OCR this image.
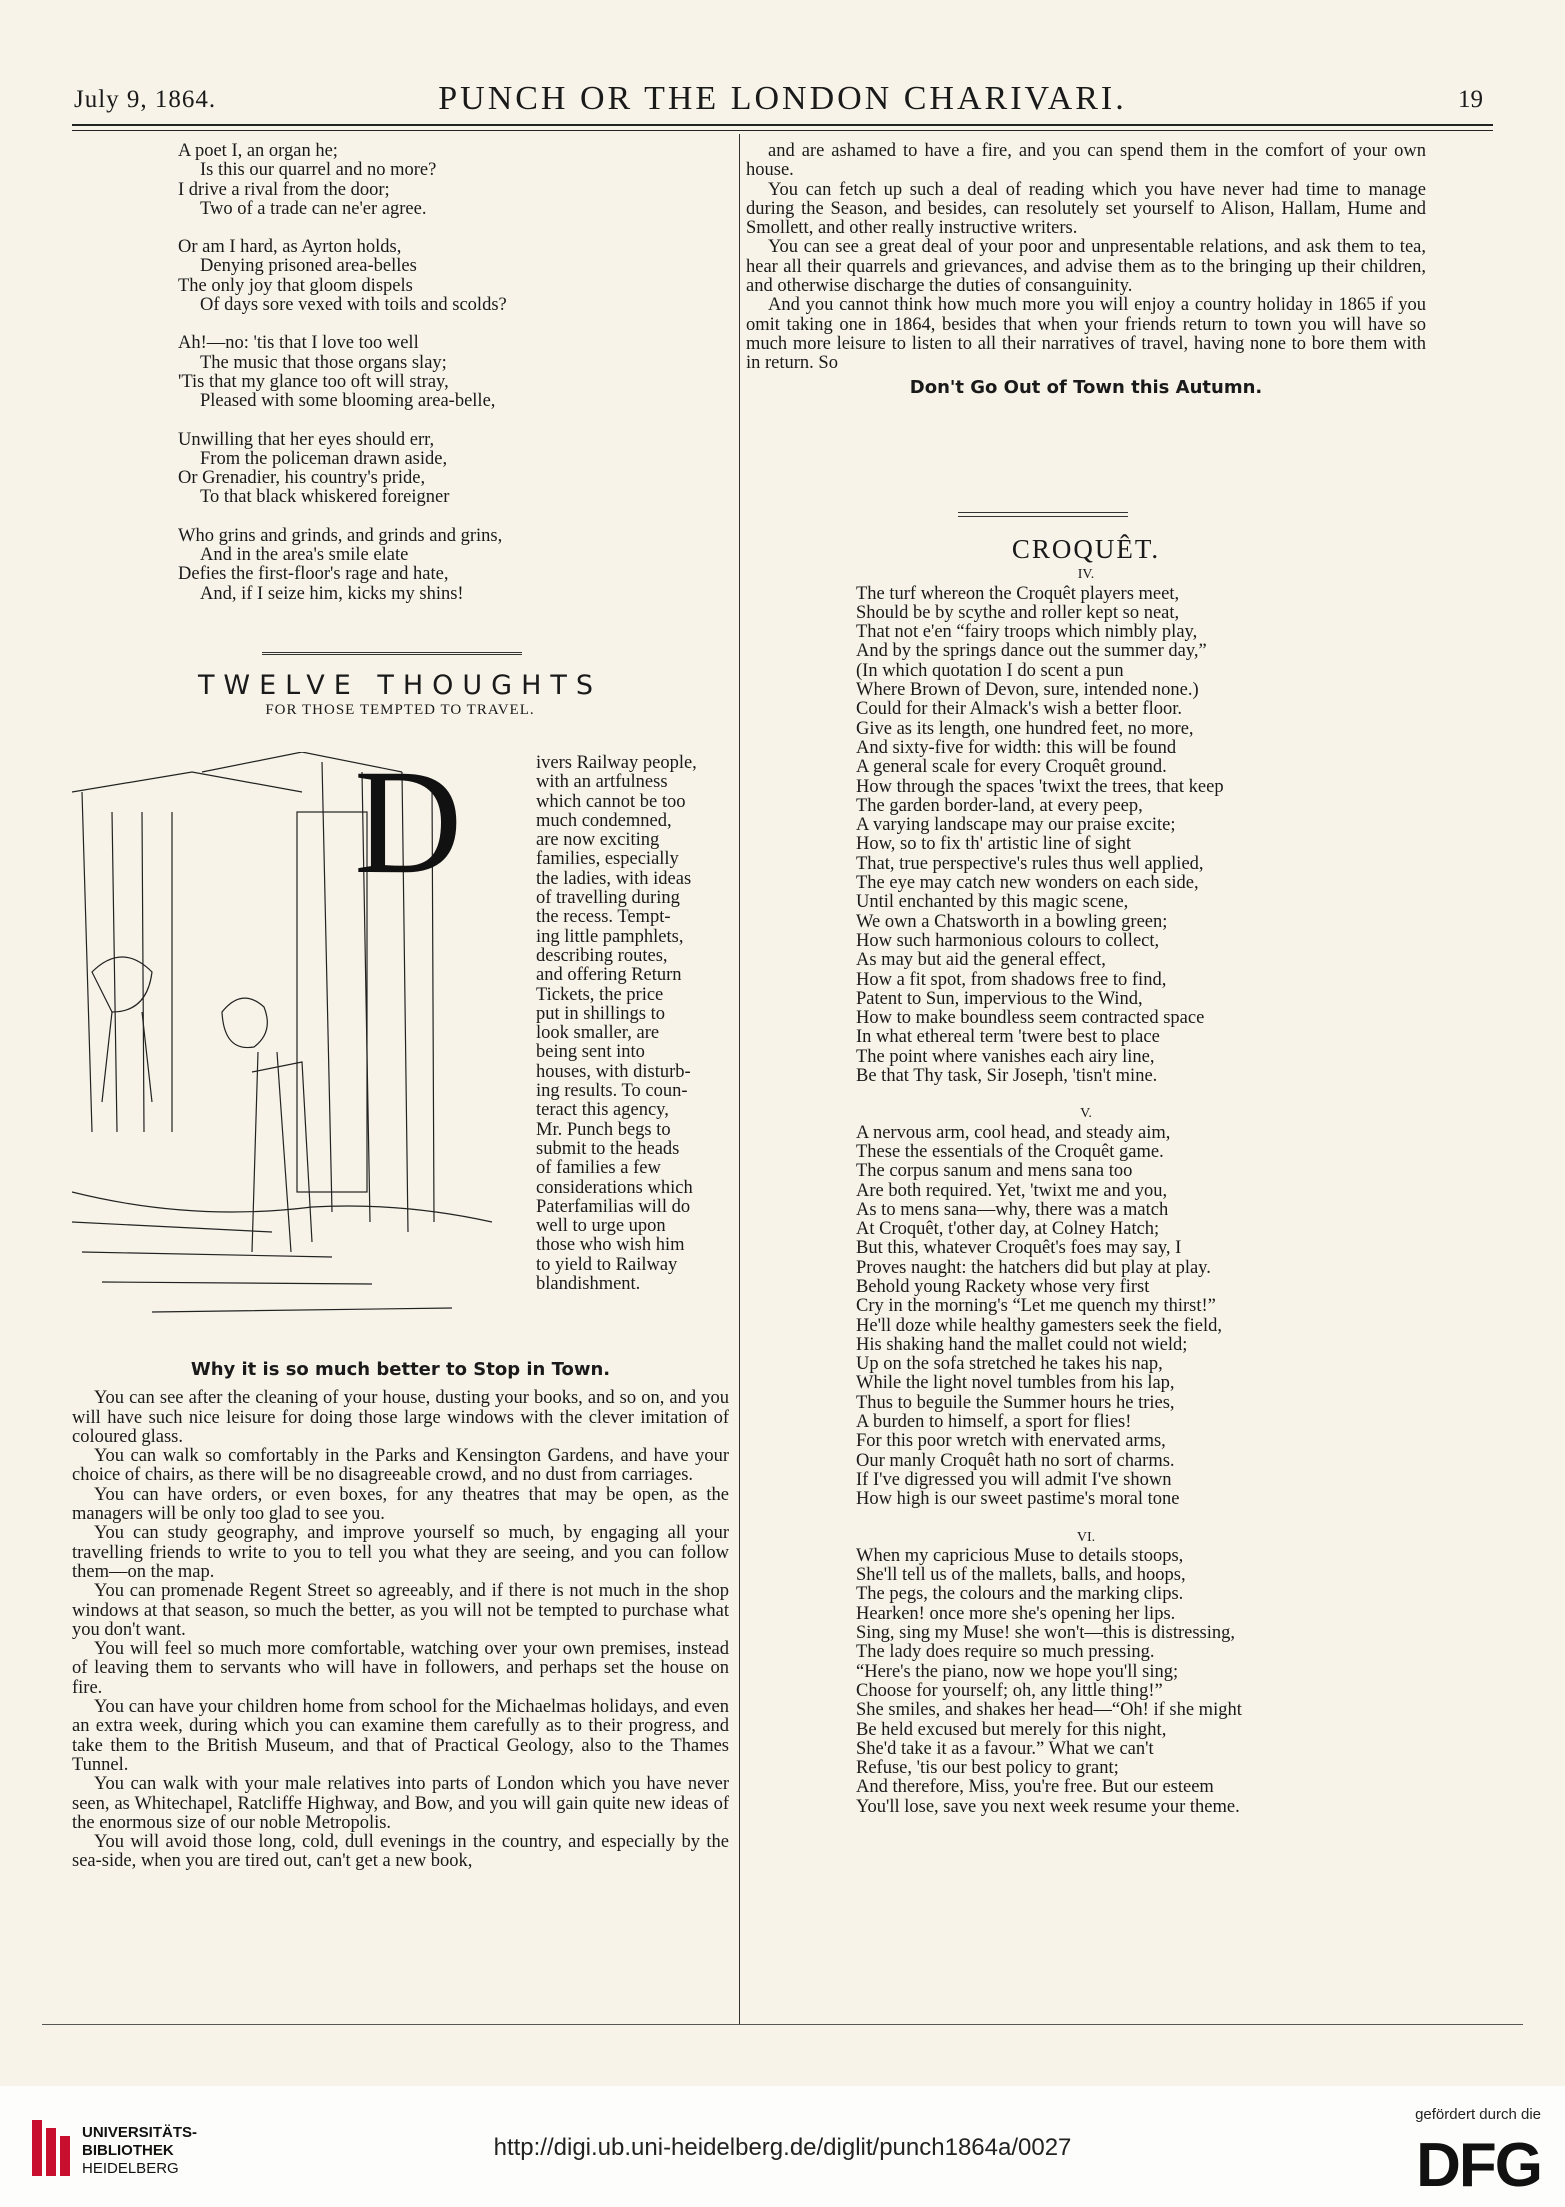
July 9, 1864.	PUNCH OR THE LONDON CHARIVARI.	19
A poet I, an organ he;
Is this our quarrel and no more?
I drive a rival from the door;
Two of a trade can ne'er agree.
Or am I hard, as Ayrton holds,
Denying prisoned area-belles
The only joy that gloom dispels
Of days sore vexed with toils and scolds?
Ah!—no: 'tis that I love too well
The music that those organs slay;
'Tis that my glance too oft will stray,
Pleased with some blooming area-belle,
Unwilling that her eyes should err,
From the policeman drawn aside,
Or Grenadier, his country's pride,
To that black whiskered foreigner
Who grins and grinds, and grinds and grins,
And in the area's smile elate
Defies the first-floor's rage and hate,
And, if I seize him, kicks my shins!
TWELVE THOUGHTS
FOR THOSE TEMPTED TO TRAVEL.
D	ivers Railway people,
with an artfulness
which cannot be too
much condemned,
are now exciting
families, especially
the ladies, with ideas
of travelling during
the recess. Tempt-
ing little pamphlets,
describing routes,
and offering Return
Tickets, the price
put in shillings to
look smaller, are
being sent into
houses, with disturb-
ing results. To coun-
teract this agency,
Mr. Punch begs to
submit to the heads
of families a few
considerations which
Paterfamilias will do
well to urge upon
those who wish him
to yield to Railway
blandishment.
Why it is so much better to Stop in Town.

You can see after the cleaning of your house, dusting your books, and so on, and you will have such nice leisure for doing those large windows with the clever imitation of coloured glass.

You can walk so comfortably in the Parks and Kensington Gardens, and have your choice of chairs, as there will be no disagreeable crowd, and no dust from carriages.

You can have orders, or even boxes, for any theatres that may be open, as the managers will be only too glad to see you.

You can study geography, and improve yourself so much, by engaging all your travelling friends to write to you to tell you what they are seeing, and you can follow them—on the map.

You can promenade Regent Street so agreeably, and if there is not much in the shop windows at that season, so much the better, as you will not be tempted to purchase what you don't want.

You will feel so much more comfortable, watching over your own premises, instead of leaving them to servants who will have in followers, and perhaps set the house on fire.

You can have your children home from school for the Michaelmas holidays, and even an extra week, during which you can examine them carefully as to their progress, and take them to the British Museum, and that of Practical Geology, also to the Thames Tunnel.

You can walk with your male relatives into parts of London which you have never seen, as Whitechapel, Ratcliffe Highway, and Bow, and you will gain quite new ideas of the enormous size of our noble Metropolis.

You will avoid those long, cold, dull evenings in the country, and especially by the sea-side, when you are tired out, can't get a new book,

and are ashamed to have a fire, and you can spend them in the comfort of your own house.

You can fetch up such a deal of reading which you have never had time to manage during the Season, and besides, can resolutely set yourself to Alison, Hallam, Hume and Smollett, and other really instructive writers.

You can see a great deal of your poor and unpresentable relations, and ask them to tea, hear all their quarrels and grievances, and advise them as to the bringing up their children, and otherwise discharge the duties of consanguinity.

And you cannot think how much more you will enjoy a country holiday in 1865 if you omit taking one in 1864, besides that when your friends return to town you will have so much more leisure to listen to all their narratives of travel, having none to bore them with in return. So

Don't Go Out of Town this Autumn.
CROQUÊT.
IV.
The turf whereon the Croquêt players meet,
Should be by scythe and roller kept so neat,
That not e'en “fairy troops which nimbly play,
And by the springs dance out the summer day,”
(In which quotation I do scent a pun
Where Brown of Devon, sure, intended none.)
Could for their Almack's wish a better floor.
Give as its length, one hundred feet, no more,
And sixty-five for width: this will be found
A general scale for every Croquêt ground.
How through the spaces 'twixt the trees, that keep
The garden border-land, at every peep,
A varying landscape may our praise excite;
How, so to fix th' artistic line of sight
That, true perspective's rules thus well applied,
The eye may catch new wonders on each side,
Until enchanted by this magic scene,
We own a Chatsworth in a bowling green;
How such harmonious colours to collect,
As may but aid the general effect,
How a fit spot, from shadows free to find,
Patent to Sun, impervious to the Wind,
How to make boundless seem contracted space
In what ethereal term 'twere best to place
The point where vanishes each airy line,
Be that Thy task, Sir Joseph, 'tisn't mine.
V.
A nervous arm, cool head, and steady aim,
These the essentials of the Croquêt game.
The corpus sanum and mens sana too
Are both required. Yet, 'twixt me and you,
As to mens sana—why, there was a match
At Croquêt, t'other day, at Colney Hatch;
But this, whatever Croquêt's foes may say, I
Proves naught: the hatchers did but play at play.
Behold young Rackety whose very first
Cry in the morning's “Let me quench my thirst!”
He'll doze while healthy gamesters seek the field,
His shaking hand the mallet could not wield;
Up on the sofa stretched he takes his nap,
While the light novel tumbles from his lap,
Thus to beguile the Summer hours he tries,
A burden to himself, a sport for flies!
For this poor wretch with enervated arms,
Our manly Croquêt hath no sort of charms.
If I've digressed you will admit I've shown
How high is our sweet pastime's moral tone
VI.
When my capricious Muse to details stoops,
She'll tell us of the mallets, balls, and hoops,
The pegs, the colours and the marking clips.
Hearken! once more she's opening her lips.
Sing, sing my Muse! she won't—this is distressing,
The lady does require so much pressing.
“Here's the piano, now we hope you'll sing;
Choose for yourself; oh, any little thing!”
She smiles, and shakes her head—“Oh! if she might
Be held excused but merely for this night,
She'd take it as a favour.” What we can't
Refuse, 'tis our best policy to grant;
And therefore, Miss, you're free. But our esteem
You'll lose, save you next week resume your theme.
UNIVERSITÄTS-
BIBLIOTHEK
HEIDELBERG
http://digi.ub.uni-heidelberg.de/diglit/punch1864a/0027
gefördert durch die
DFG
